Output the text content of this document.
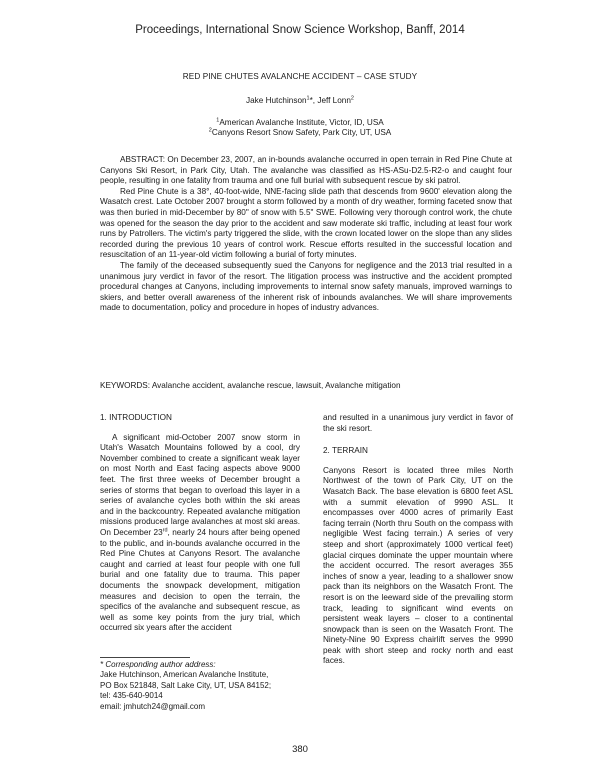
Proceedings, International Snow Science Workshop, Banff, 2014
RED PINE CHUTES AVALANCHE ACCIDENT – CASE STUDY
Jake Hutchinson$^1$*, Jeff Lonn$^2$
$^1$American Avalanche Institute, Victor, ID, USA
$^2$Canyons Resort Snow Safety, Park City, UT, USA

ABSTRACT: On December 23, 2007, an in-bounds avalanche occurred in open terrain in Red Pine Chute at Canyons Ski Resort, in Park City, Utah. The avalanche was classified as HS-ASu-D2.5-R2-o and caught four people, resulting in one fatality from trauma and one full burial with subsequent rescue by ski patrol.

Red Pine Chute is a 38°, 40-foot-wide, NNE-facing slide path that descends from 9600' elevation along the Wasatch crest. Late October 2007 brought a storm followed by a month of dry weather, forming faceted snow that was then buried in mid-December by 80" of snow with 5.5" SWE. Following very thorough control work, the chute was opened for the season the day prior to the accident and saw moderate ski traffic, including at least four work runs by Patrollers. The victim's party triggered the slide, with the crown located lower on the slope than any slides recorded during the previous 10 years of control work. Rescue efforts resulted in the successful location and resuscitation of an 11-year-old victim following a burial of forty minutes.

The family of the deceased subsequently sued the Canyons for negligence and the 2013 trial resulted in a unanimous jury verdict in favor of the resort. The litigation process was instructive and the accident prompted procedural changes at Canyons, including improvements to internal snow safety manuals, improved warnings to skiers, and better overall awareness of the inherent risk of inbounds avalanches. We will share improvements made to documentation, policy and procedure in hopes of industry advances.

KEYWORDS: Avalanche accident, avalanche rescue, lawsuit, Avalanche mitigation
1. INTRODUCTION

A significant mid-October 2007 snow storm in Utah's Wasatch Mountains followed by a cool, dry November combined to create a significant weak layer on most North and East facing aspects above 9000 feet. The first three weeks of December brought a series of storms that began to overload this layer in a series of avalanche cycles both within the ski areas and in the backcountry. Repeated avalanche mitigation missions produced large avalanches at most ski areas. On December 23rd, nearly 24 hours after being opened to the public, and in-bounds avalanche occurred in the Red Pine Chutes at Canyons Resort. The avalanche caught and carried at least four people with one full burial and one fatality due to trauma. This paper documents the snowpack development, mitigation measures and decision to open the terrain, the specifics of the avalanche and subsequent rescue, as well as some key points from the jury trial, which occurred six years after the accident

and resulted in a unanimous jury verdict in favor of the ski resort.

2. TERRAIN

Canyons Resort is located three miles North Northwest of the town of Park City, UT on the Wasatch Back. The base elevation is 6800 feet ASL with a summit elevation of 9990 ASL. It encompasses over 4000 acres of primarily East facing terrain (North thru South on the compass with negligible West facing terrain.) A series of very steep and short (approximately 1000 vertical feet) glacial cirques dominate the upper mountain where the accident occurred. The resort averages 355 inches of snow a year, leading to a shallower snow pack than its neighbors on the Wasatch Front. The resort is on the leeward side of the prevailing storm track, leading to significant wind events on persistent weak layers – closer to a continental snowpack than is seen on the Wasatch Front. The Ninety-Nine 90 Express chairlift serves the 9990 peak with short steep and rocky north and east faces.

* Corresponding author address:
Jake Hutchinson, American Avalanche Institute,
PO Box 521848, Salt Lake City, UT, USA 84152;
tel: 435-640-9014
email: jmhutch24@gmail.com
380
